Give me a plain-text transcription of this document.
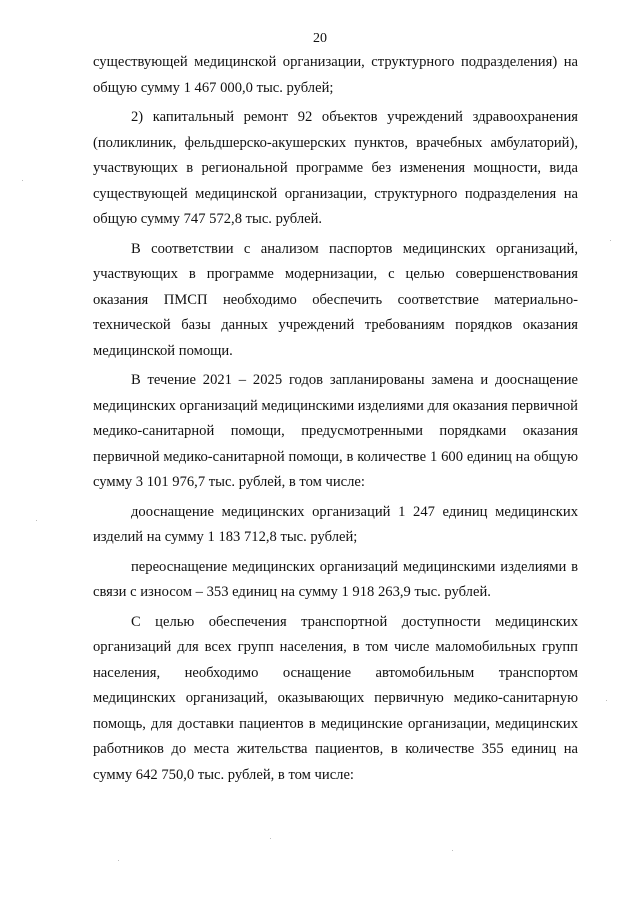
20

существующей медицинской организации, структурного подразделения) на общую сумму 1 467 000,0 тыс. рублей;

2) капитальный ремонт 92 объектов учреждений здравоохранения (поликлиник, фельдшерско-акушерских пунктов, врачебных амбулаторий), участвующих в региональной программе без изменения мощности, вида существующей медицинской организации, структурного подразделения на общую сумму 747 572,8 тыс. рублей.

В соответствии с анализом паспортов медицинских организаций, участвующих в программе модернизации, с целью совершенствования оказания ПМСП необходимо обеспечить соответствие материально-технической базы данных учреждений требованиям порядков оказания медицинской помощи.

В течение 2021 – 2025 годов запланированы замена и дооснащение медицинских организаций медицинскими изделиями для оказания первичной медико-санитарной помощи, предусмотренными порядками оказания первичной медико-санитарной помощи, в количестве 1 600 единиц на общую сумму 3 101 976,7 тыс. рублей, в том числе:

дооснащение медицинских организаций 1 247 единиц медицинских изделий на сумму 1 183 712,8 тыс. рублей;

переоснащение медицинских организаций медицинскими изделиями в связи с износом – 353 единиц на сумму 1 918 263,9 тыс. рублей.

С целью обеспечения транспортной доступности медицинских организаций для всех групп населения, в том числе маломобильных групп населения, необходимо оснащение автомобильным транспортом медицинских организаций, оказывающих первичную медико-санитарную помощь, для доставки пациентов в медицинские организации, медицинских работников до места жительства пациентов, в количестве 355 единиц на сумму 642 750,0 тыс. рублей, в том числе:
